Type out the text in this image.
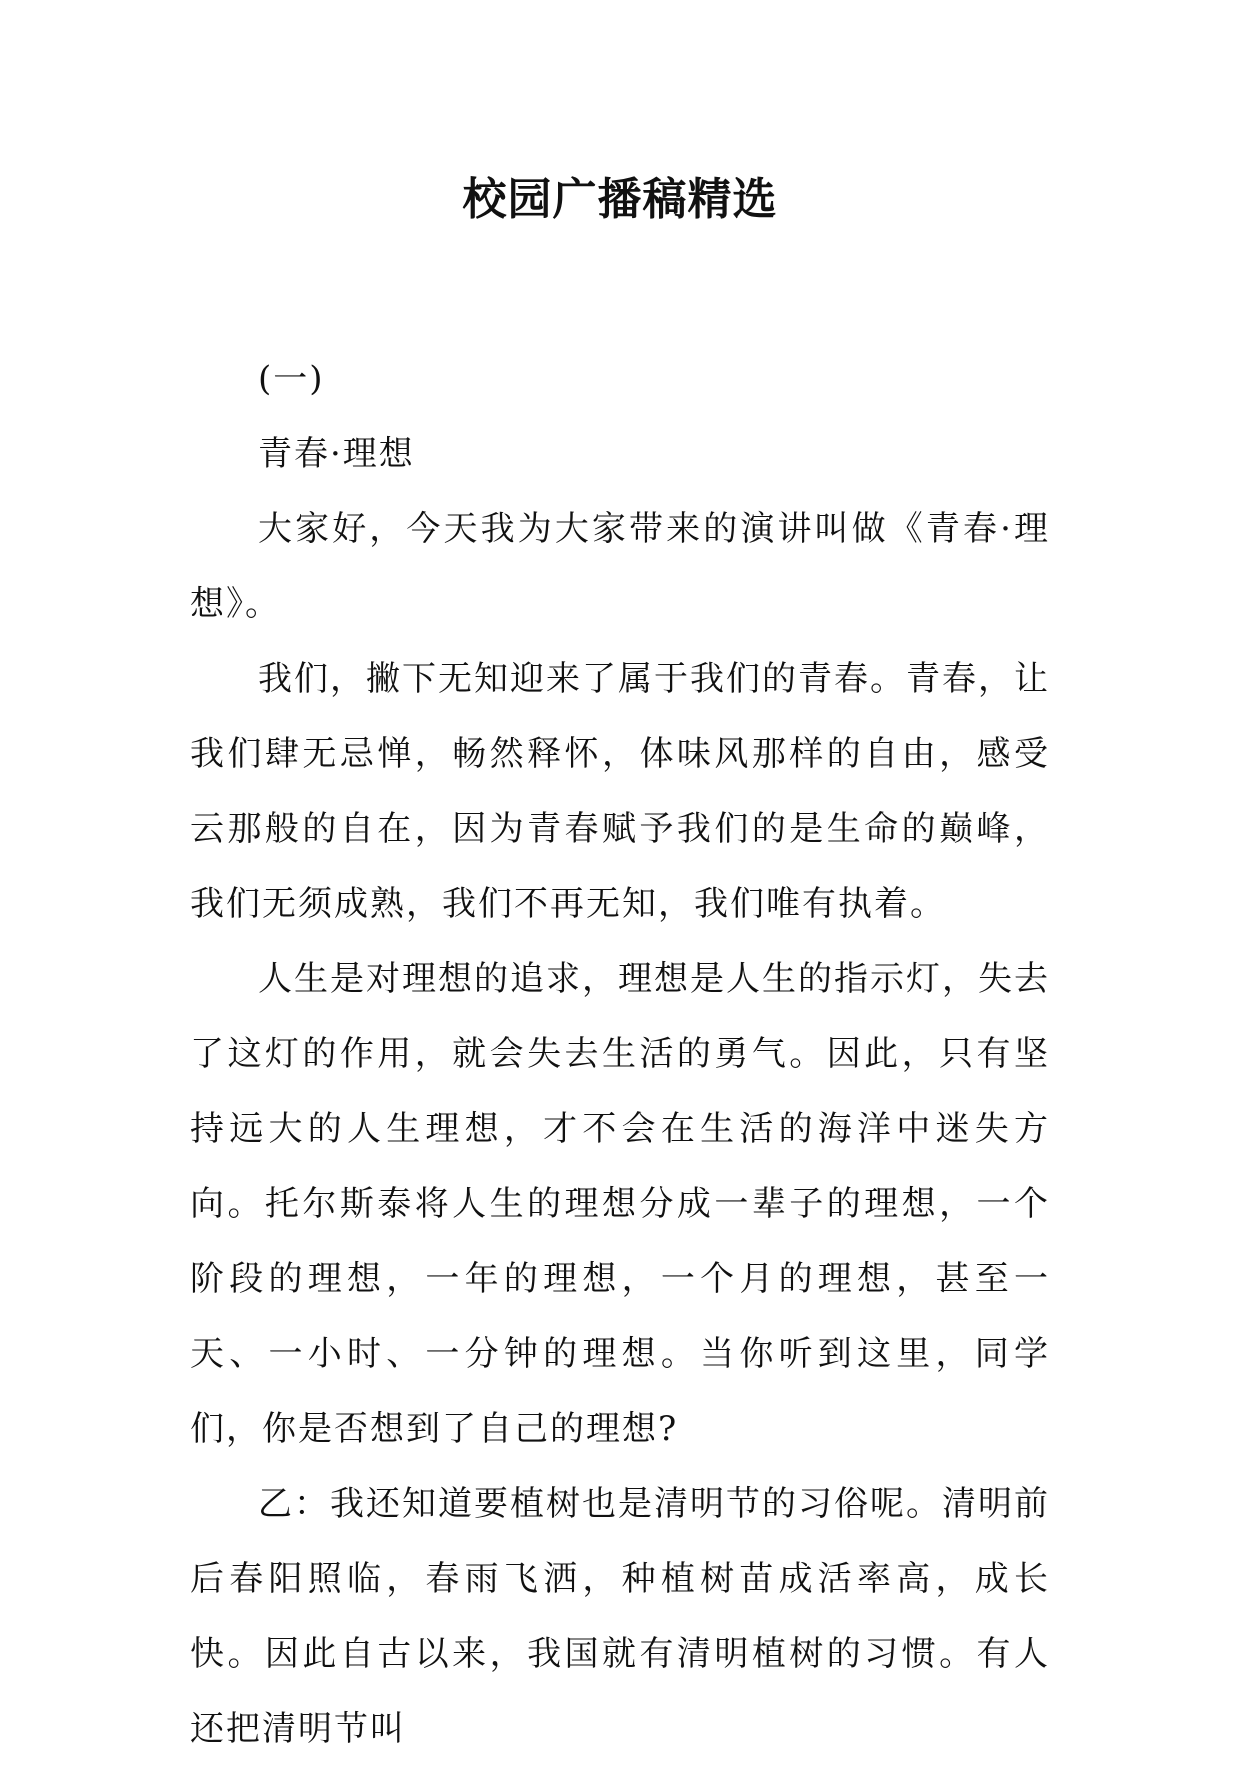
校园广播稿精选

(一)

青春·理想

大家好，今天我为大家带来的演讲叫做《青春·理想》。

我们，撇下无知迎来了属于我们的青春。青春，让我们肆无忌惮，畅然释怀，体味风那样的自由，感受云那般的自在，因为青春赋予我们的是生命的巅峰，我们无须成熟，我们不再无知，我们唯有执着。

人生是对理想的追求，理想是人生的指示灯，失去了这灯的作用，就会失去生活的勇气。因此，只有坚持远大的人生理想，才不会在生活的海洋中迷失方向。托尔斯泰将人生的理想分成一辈子的理想，一个阶段的理想，一年的理想，一个月的理想，甚至一天、一小时、一分钟的理想。当你听到这里，同学们，你是否想到了自己的理想?

乙：我还知道要植树也是清明节的习俗呢。清明前后春阳照临，春雨飞洒，种植树苗成活率高，成长快。因此自古以来，我国就有清明植树的习惯。有人还把清明节叫
